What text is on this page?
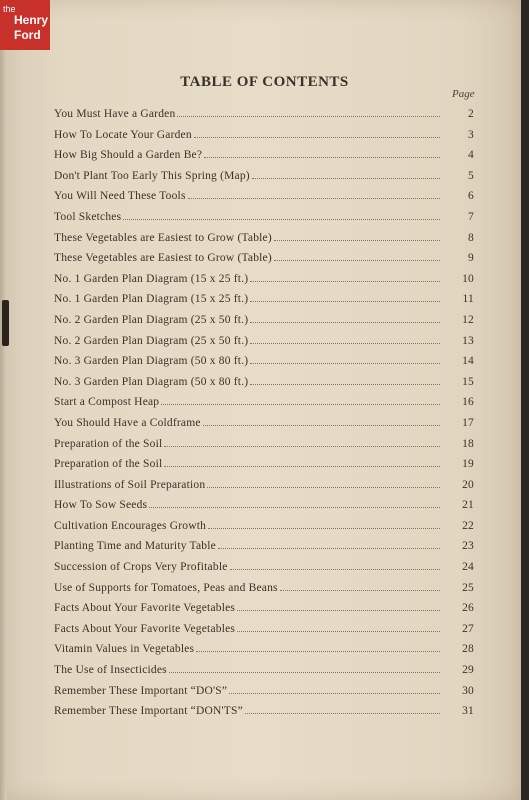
the
Henry
Ford
TABLE OF CONTENTS
Page
You Must Have a Garden	2
How To Locate Your Garden	3
How Big Should a Garden Be?	4
Don't Plant Too Early This Spring (Map)	5
You Will Need These Tools	6
Tool Sketches	7
These Vegetables are Easiest to Grow (Table)	8
These Vegetables are Easiest to Grow (Table)	9
No. 1 Garden Plan Diagram (15 x 25 ft.)	10
No. 1 Garden Plan Diagram (15 x 25 ft.)	11
No. 2 Garden Plan Diagram (25 x 50 ft.)	12
No. 2 Garden Plan Diagram (25 x 50 ft.)	13
No. 3 Garden Plan Diagram (50 x 80 ft.)	14
No. 3 Garden Plan Diagram (50 x 80 ft.)	15
Start a Compost Heap	16
You Should Have a Coldframe	17
Preparation of the Soil	18
Preparation of the Soil	19
Illustrations of Soil Preparation	20
How To Sow Seeds	21
Cultivation Encourages Growth	22
Planting Time and Maturity Table	23
Succession of Crops Very Profitable	24
Use of Supports for Tomatoes, Peas and Beans	25
Facts About Your Favorite Vegetables	26
Facts About Your Favorite Vegetables	27
Vitamin Values in Vegetables	28
The Use of Insecticides	29
Remember These Important “DO'S”	30
Remember These Important “DON'TS”	31
